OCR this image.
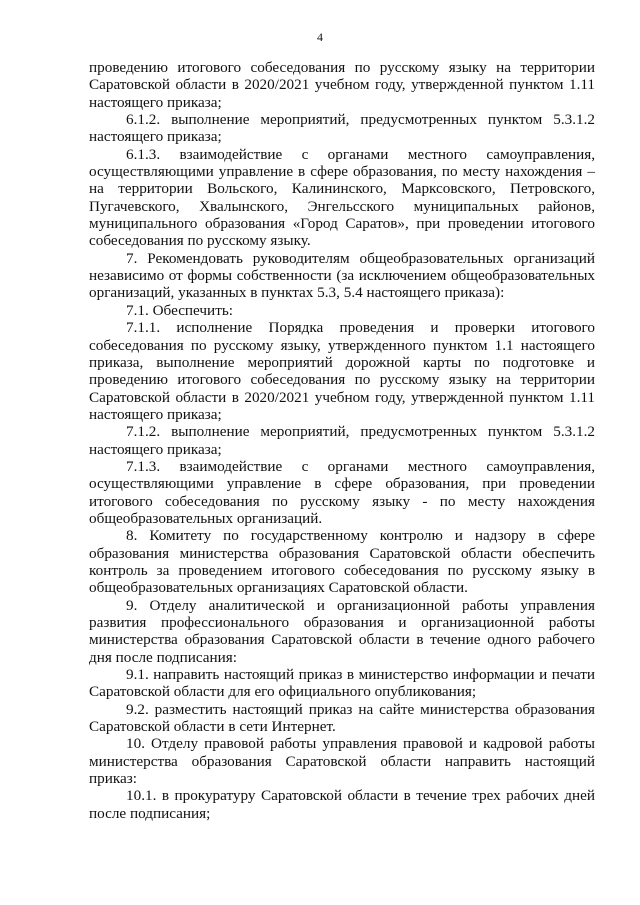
4

проведению итогового собеседования по русскому языку на территории Саратовской области в 2020/2021 учебном году, утвержденной пунктом 1.11 настоящего приказа;

6.1.2. выполнение мероприятий, предусмотренных пунктом 5.3.1.2 настоящего приказа;

6.1.3. взаимодействие с органами местного самоуправления, осуществляющими управление в сфере образования, по месту нахождения – на территории Вольского, Калининского, Марксовского, Петровского, Пугачевского, Хвалынского, Энгельсского муниципальных районов, муниципального образования «Город Саратов», при проведении итогового собеседования по русскому языку.

7. Рекомендовать руководителям общеобразовательных организаций независимо от формы собственности (за исключением общеобразовательных организаций, указанных в пунктах 5.3, 5.4 настоящего приказа):

7.1. Обеспечить:

7.1.1. исполнение Порядка проведения и проверки итогового собеседования по русскому языку, утвержденного пунктом 1.1 настоящего приказа, выполнение мероприятий дорожной карты по подготовке и проведению итогового собеседования по русскому языку на территории Саратовской области в 2020/2021 учебном году, утвержденной пунктом 1.11 настоящего приказа;

7.1.2. выполнение мероприятий, предусмотренных пунктом 5.3.1.2 настоящего приказа;

7.1.3. взаимодействие с органами местного самоуправления, осуществляющими управление в сфере образования, при проведении итогового собеседования по русскому языку - по месту нахождения общеобразовательных организаций.

8. Комитету по государственному контролю и надзору в сфере образования министерства образования Саратовской области обеспечить контроль за проведением итогового собеседования по русскому языку в общеобразовательных организациях Саратовской области.

9. Отделу аналитической и организационной работы управления развития профессионального образования и организационной работы министерства образования Саратовской области в течение одного рабочего дня после подписания:

9.1. направить настоящий приказ в министерство информации и печати Саратовской области для его официального опубликования;

9.2. разместить настоящий приказ на сайте министерства образования Саратовской области в сети Интернет.

10. Отделу правовой работы управления правовой и кадровой работы министерства образования Саратовской области направить настоящий приказ:

10.1. в прокуратуру Саратовской области в течение трех рабочих дней после подписания;
